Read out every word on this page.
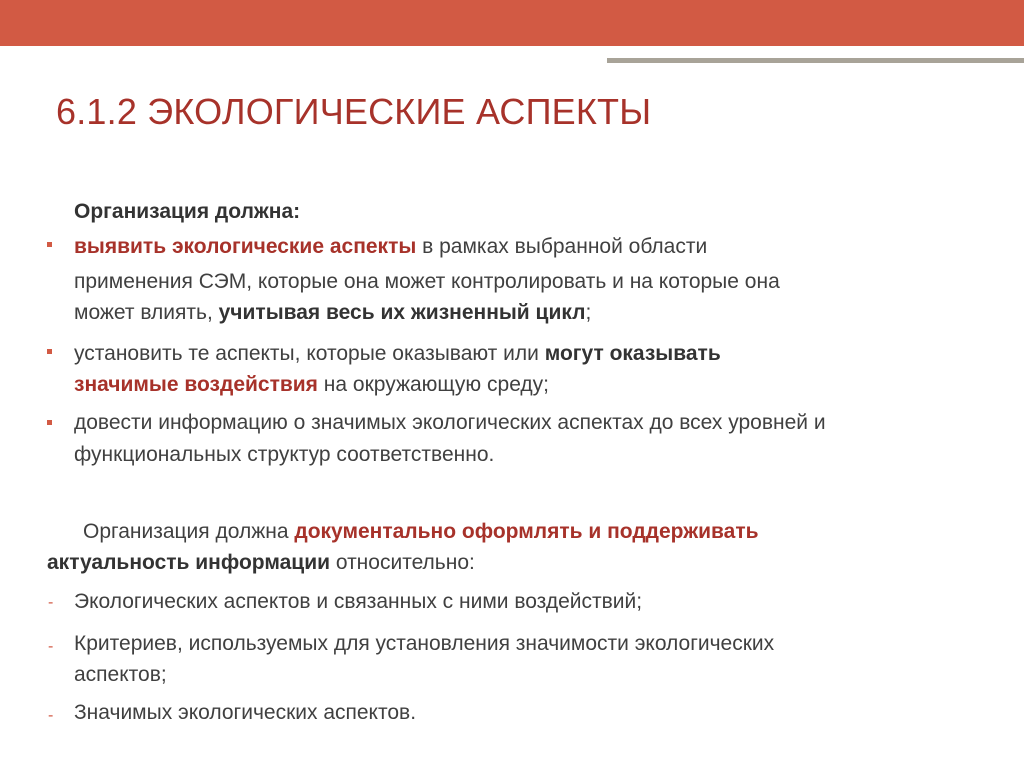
6.1.2 ЭКОЛОГИЧЕСКИЕ АСПЕКТЫ
Организация должна:
выявить экологические аспекты в рамках выбранной области
применения СЭМ, которые она может контролировать и на которые она
может влиять, учитывая весь их жизненный цикл;
установить те аспекты, которые оказывают или могут оказывать
значимые воздействия на окружающую среду;
довести информацию о значимых экологических аспектах до всех уровней и
функциональных структур соответственно.
Организация должна документально оформлять и поддерживать
актуальность информации относительно:
- Экологических аспектов и связанных с ними воздействий;
- Критериев, используемых для установления значимости экологических
аспектов;
- Значимых экологических аспектов.
